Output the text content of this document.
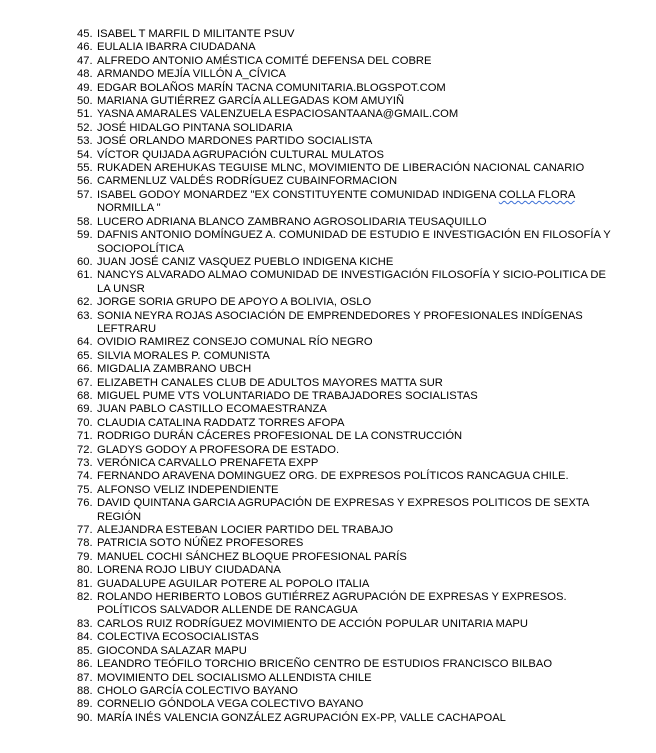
45. ISABEL T MARFIL D MILITANTE PSUV
46. EULALIA IBARRA CIUDADANA
47. ALFREDO ANTONIO AMÉSTICA COMITÉ DEFENSA DEL COBRE
48. ARMANDO MEJÍA VILLÓN A_CÍVICA
49. EDGAR BOLAÑOS MARÍN TACNA COMUNITARIA.BLOGSPOT.COM
50. MARIANA GUTIÉRREZ GARCÍA ALLEGADAS KOM AMUYIÑ
51. YASNA AMARALES VALENZUELA ESPACIOSANTAANA@GMAIL.COM
52. JOSÉ HIDALGO PINTANA SOLIDARIA
53. JOSÉ ORLANDO MARDONES PARTIDO SOCIALISTA
54. VÍCTOR QUIJADA AGRUPACIÓN CULTURAL MULATOS
55. RUKADEN AREHUKAS TEGUISE MLNC, MOVIMIENTO DE LIBERACIÓN NACIONAL CANARIO
56. CARMENLUZ VALDÉS RODRÍGUEZ CUBAINFORMACION
57. ISABEL GODOY MONARDEZ "EX CONSTITUYENTE COMUNIDAD INDIGENA COLLA FLORA NORMILLA "
58. LUCERO ADRIANA BLANCO ZAMBRANO AGROSOLIDARIA TEUSAQUILLO
59. DAFNIS ANTONIO DOMÍNGUEZ A. COMUNIDAD DE ESTUDIO E INVESTIGACIÓN EN FILOSOFÍA Y SOCIOPOLÍTICA
60. JUAN JOSÉ CANIZ VASQUEZ PUEBLO INDIGENA KICHE
61. NANCYS ALVARADO ALMAO COMUNIDAD DE INVESTIGACIÓN FILOSOFÍA Y SICIO-POLITICA DE LA UNSR
62. JORGE SORIA GRUPO DE APOYO A BOLIVIA, OSLO
63. SONIA NEYRA ROJAS ASOCIACIÓN DE EMPRENDEDORES Y PROFESIONALES INDÍGENAS LEFTRARU
64. OVIDIO RAMIREZ CONSEJO COMUNAL RÍO NEGRO
65. SILVIA MORALES P. COMUNISTA
66. MIGDALIA ZAMBRANO UBCH
67. ELIZABETH CANALES CLUB DE ADULTOS MAYORES MATTA SUR
68. MIGUEL PUME VTS VOLUNTARIADO DE TRABAJADORES SOCIALISTAS
69. JUAN PABLO CASTILLO ECOMAESTRANZA
70. CLAUDIA CATALINA RADDATZ TORRES AFOPA
71. RODRIGO DURÁN CÁCERES PROFESIONAL DE LA CONSTRUCCIÓN
72. GLADYS GODOY A PROFESORA DE ESTADO.
73. VERÓNICA CARVALLO PRENAFETA EXPP
74. FERNANDO ARAVENA DOMINGUEZ ORG. DE EXPRESOS POLÍTICOS RANCAGUA CHILE.
75. ALFONSO VELIZ INDEPENDIENTE
76. DAVID QUINTANA GARCIA AGRUPACIÓN DE EXPRESAS Y EXPRESOS POLITICOS DE SEXTA REGIÓN
77. ALEJANDRA ESTEBAN LOCIER PARTIDO DEL TRABAJO
78. PATRICIA SOTO NÚÑEZ PROFESORES
79. MANUEL COCHI SÁNCHEZ BLOQUE PROFESIONAL PARÍS
80. LORENA ROJO LIBUY CIUDADANA
81. GUADALUPE AGUILAR POTERE AL POPOLO ITALIA
82. ROLANDO HERIBERTO LOBOS GUTIÉRREZ AGRUPACIÓN DE EXPRESAS Y EXPRESOS. POLÍTICOS SALVADOR ALLENDE DE RANCAGUA
83. CARLOS RUIZ RODRÍGUEZ MOVIMIENTO DE ACCIÓN POPULAR UNITARIA MAPU
84. COLECTIVA ECOSOCIALISTAS
85. GIOCONDA SALAZAR MAPU
86. LEANDRO TEÓFILO TORCHIO BRICEÑO CENTRO DE ESTUDIOS FRANCISCO BILBAO
87. MOVIMIENTO DEL SOCIALISMO ALLENDISTA CHILE
88. CHOLO GARCÍA COLECTIVO BAYANO
89. CORNELIO GÓNDOLA VEGA COLECTIVO BAYANO
90. MARÍA INÉS VALENCIA GONZÁLEZ AGRUPACIÓN EX-PP, VALLE CACHAPOAL
